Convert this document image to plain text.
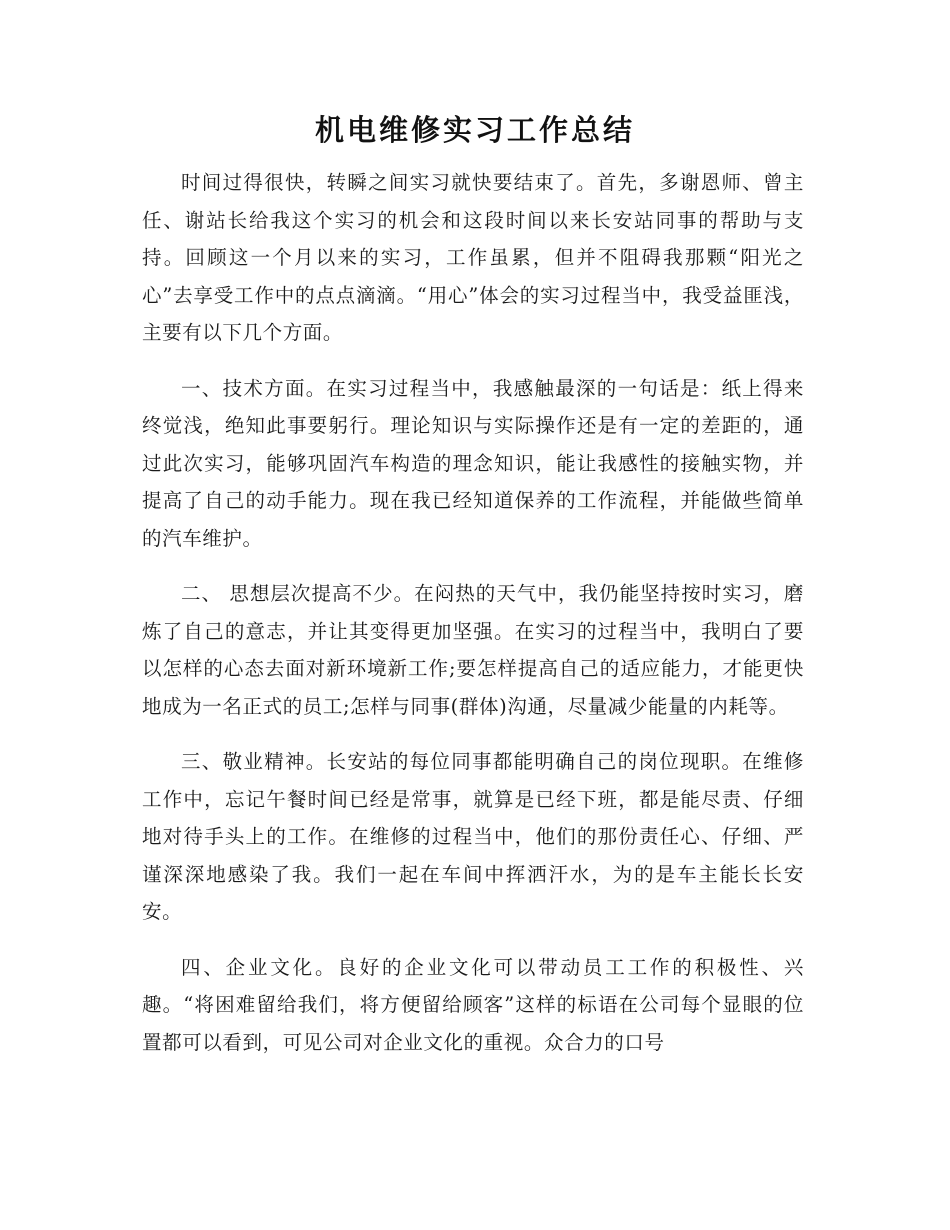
机电维修实习工作总结

时间过得很快，转瞬之间实习就快要结束了。首先，多谢恩师、曾主任、谢站长给我这个实习的机会和这段时间以来长安站同事的帮助与支持。回顾这一个月以来的实习，工作虽累，但并不阻碍我那颗“阳光之心”去享受工作中的点点滴滴。“用心”体会的实习过程当中，我受益匪浅，主要有以下几个方面。

一、技术方面。在实习过程当中，我感触最深的一句话是：纸上得来终觉浅，绝知此事要躬行。理论知识与实际操作还是有一定的差距的，通过此次实习，能够巩固汽车构造的理念知识，能让我感性的接触实物，并提高了自己的动手能力。现在我已经知道保养的工作流程，并能做些简单的汽车维护。

二、 思想层次提高不少。在闷热的天气中，我仍能坚持按时实习，磨炼了自己的意志，并让其变得更加坚强。在实习的过程当中，我明白了要以怎样的心态去面对新环境新工作;要怎样提高自己的适应能力，才能更快地成为一名正式的员工;怎样与同事(群体)沟通，尽量减少能量的内耗等。

三、敬业精神。长安站的每位同事都能明确自己的岗位现职。在维修工作中，忘记午餐时间已经是常事，就算是已经下班，都是能尽责、仔细地对待手头上的工作。在维修的过程当中，他们的那份责任心、仔细、严谨深深地感染了我。我们一起在车间中挥洒汗水，为的是车主能长长安安。

四、企业文化。良好的企业文化可以带动员工工作的积极性、兴趣。“将困难留给我们，将方便留给顾客”这样的标语在公司每个显眼的位置都可以看到，可见公司对企业文化的重视。众合力的口号
